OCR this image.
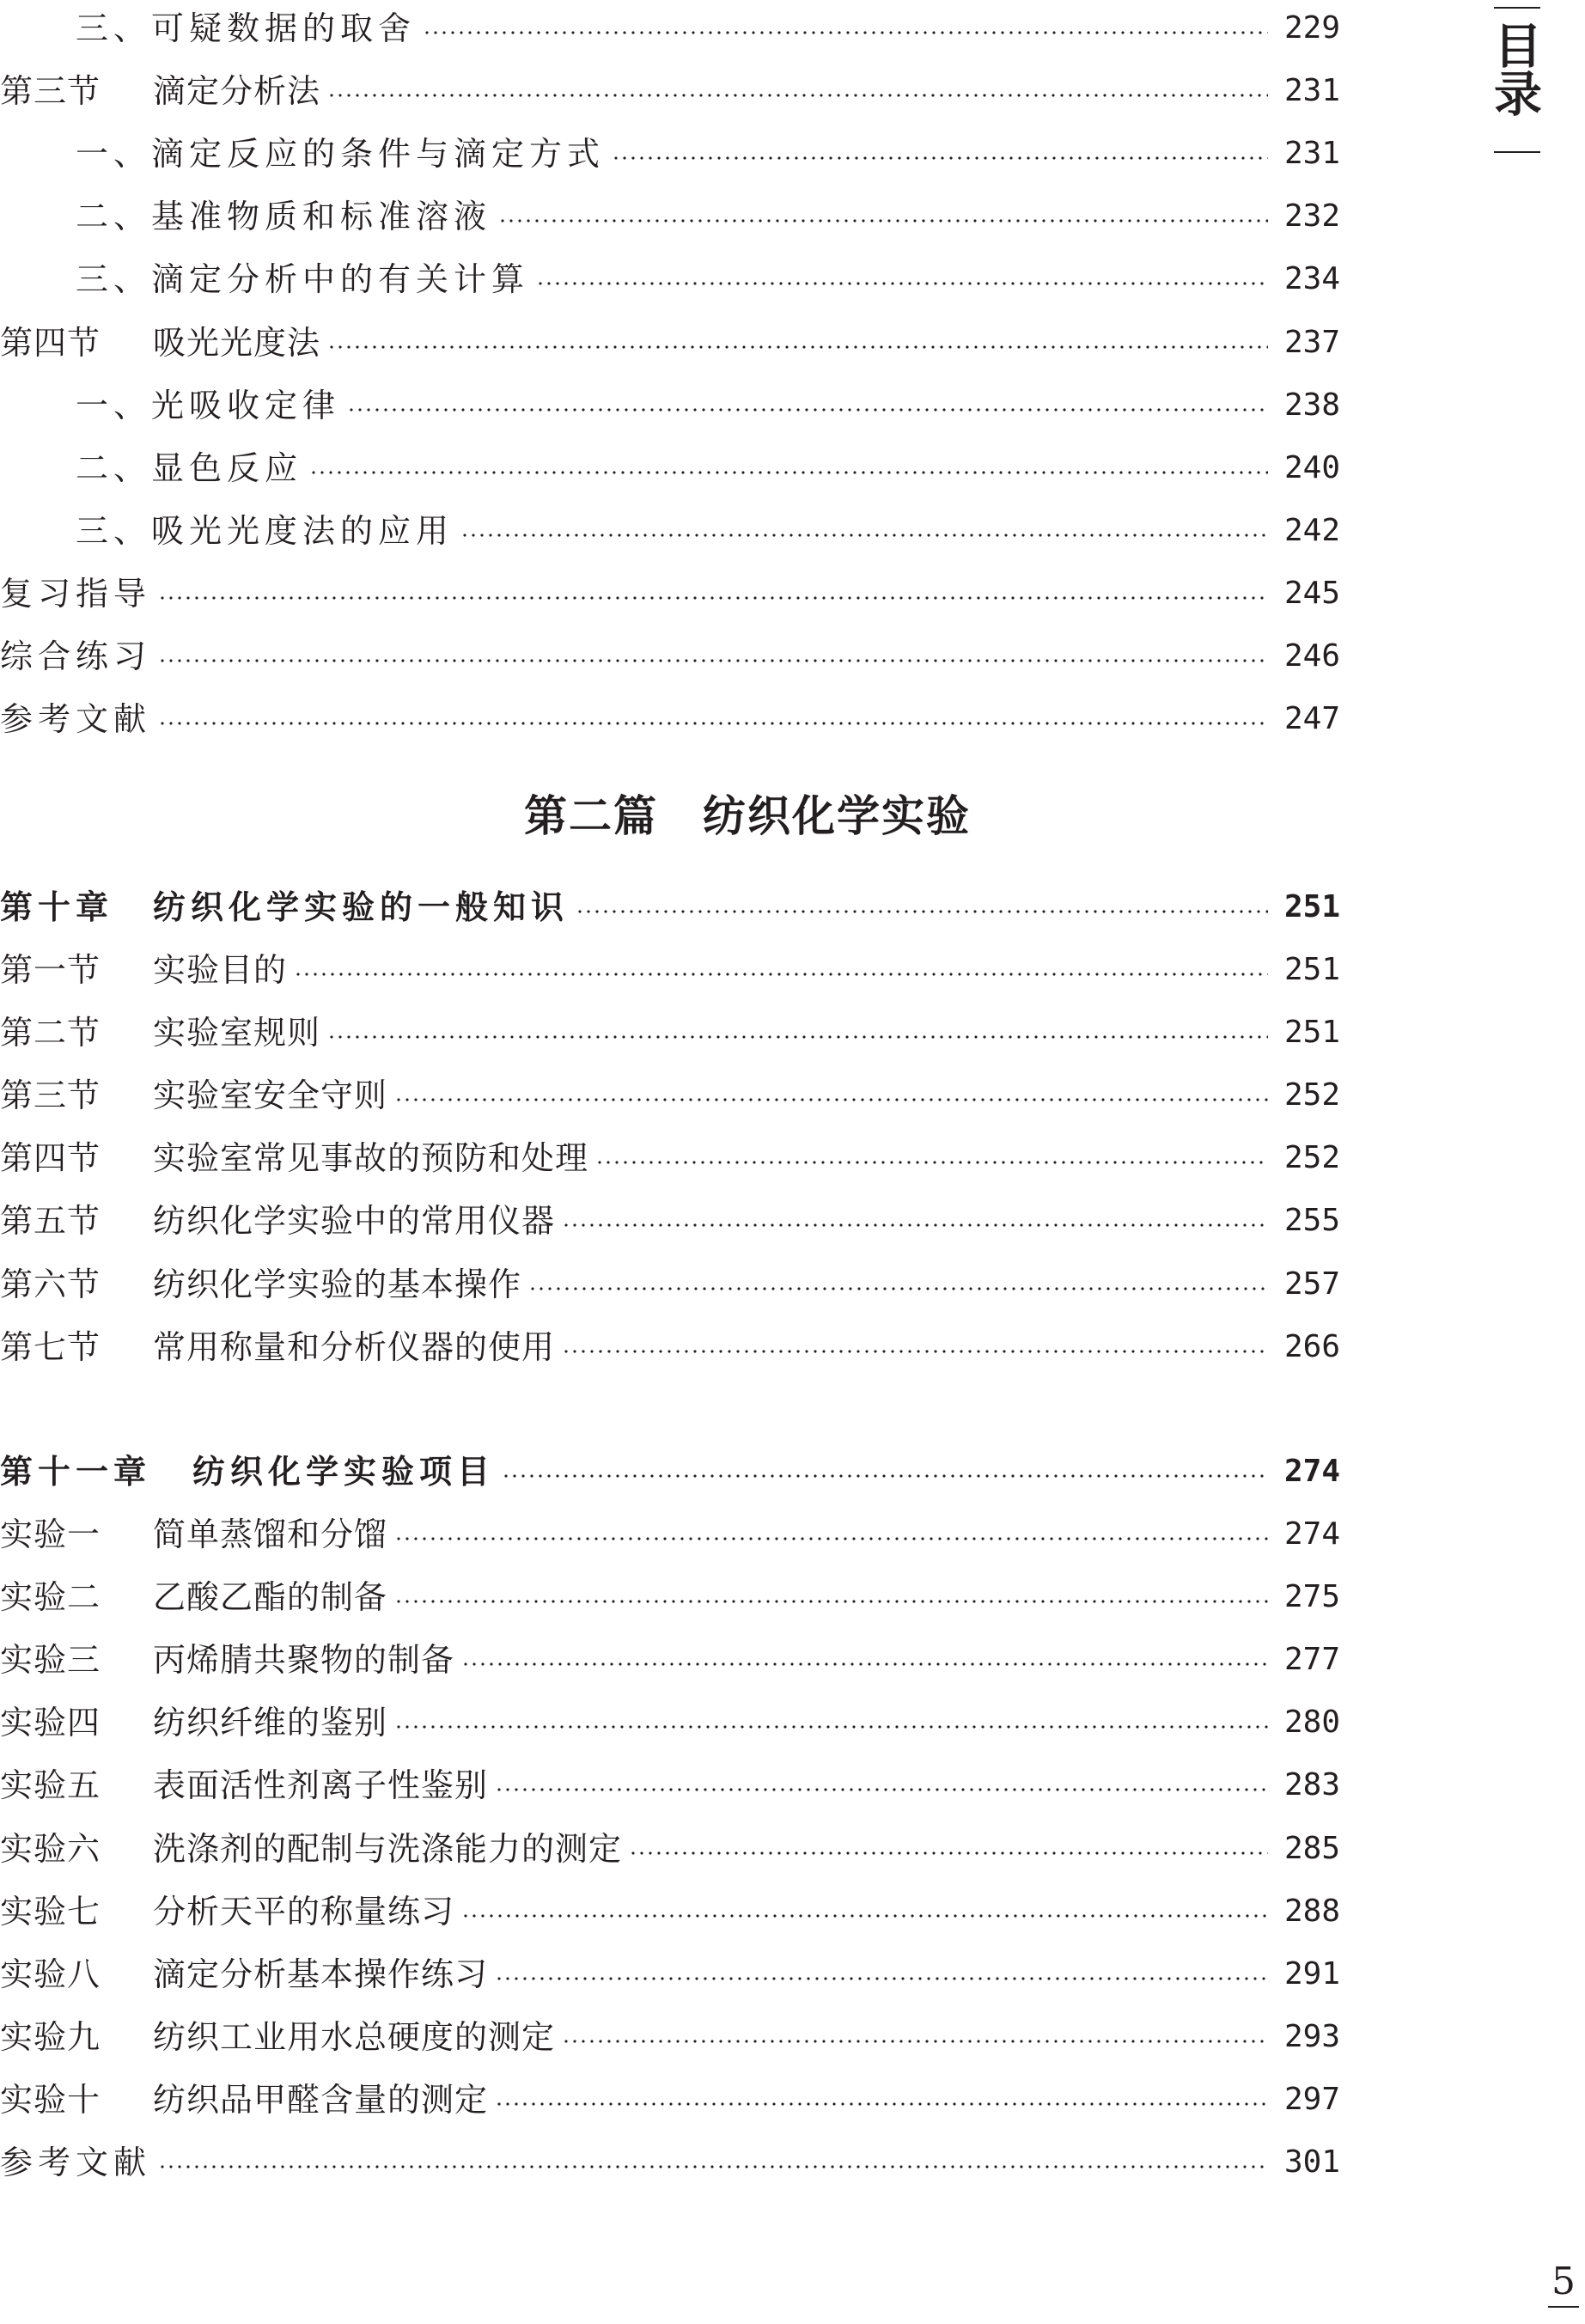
目录
三、可疑数据的取舍	229
第三节 滴定分析法	231
一、滴定反应的条件与滴定方式	231
二、基准物质和标准溶液	232
三、滴定分析中的有关计算	234
第四节 吸光光度法	237
一、光吸收定律	238
二、显色反应	240
三、吸光光度法的应用	242
复习指导	245
综合练习	246
参考文献	247
第十章 纺织化学实验的一般知识	251
第一节 实验目的	251
第二节 实验室规则	251
第三节 实验室安全守则	252
第四节 实验室常见事故的预防和处理	252
第五节 纺织化学实验中的常用仪器	255
第六节 纺织化学实验的基本操作	257
第七节 常用称量和分析仪器的使用	266
第十一章 纺织化学实验项目	274
实验一 简单蒸馏和分馏	274
实验二 乙酸乙酯的制备	275
实验三 丙烯腈共聚物的制备	277
实验四 纺织纤维的鉴别	280
实验五 表面活性剂离子性鉴别	283
实验六 洗涤剂的配制与洗涤能力的测定	285
实验七 分析天平的称量练习	288
实验八 滴定分析基本操作练习	291
实验九 纺织工业用水总硬度的测定	293
实验十 纺织品甲醛含量的测定	297
参考文献	301
第二篇　纺织化学实验
5
